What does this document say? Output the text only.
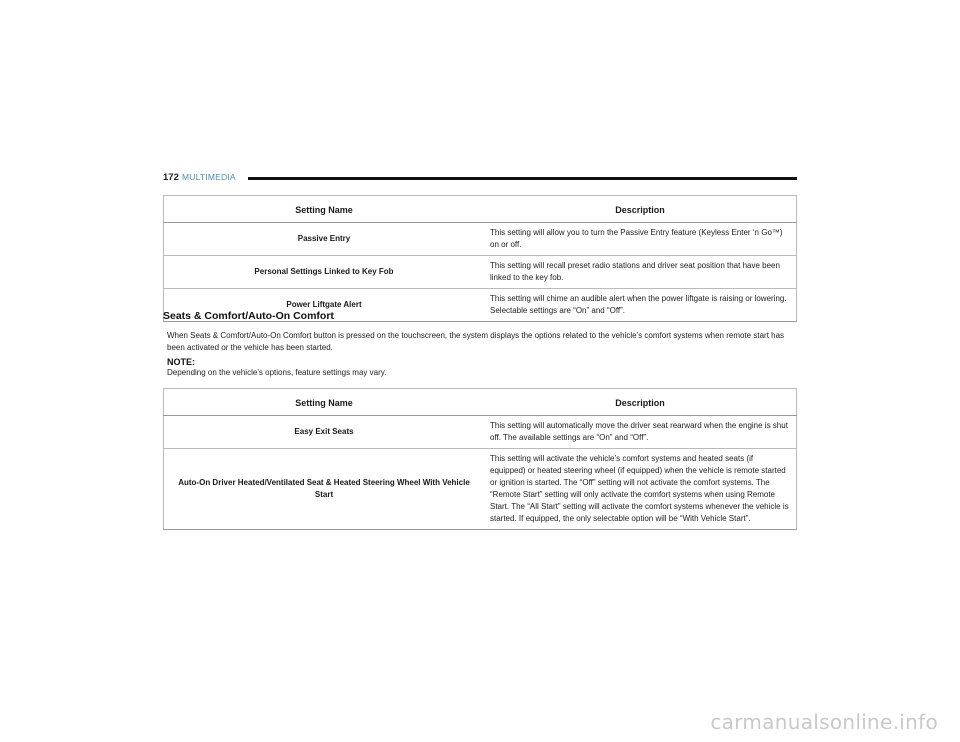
172 MULTIMEDIA
Setting Name	Description
Passive Entry	This setting will allow you to turn the Passive Entry feature (Keyless Enter ‘n Go™) on or off.
Personal Settings Linked to Key Fob	This setting will recall preset radio stations and driver seat position that have been linked to the key fob.
Power Liftgate Alert	This setting will chime an audible alert when the power liftgate is raising or lowering. Selectable settings are “On” and “Off”.
Seats & Comfort/Auto-On Comfort
When Seats & Comfort/Auto-On Comfort button is pressed on the touchscreen, the system displays the options related to the vehicle’s comfort systems when remote start has been activated or the vehicle has been started.
NOTE:
Depending on the vehicle’s options, feature settings may vary.
Setting Name	Description
Easy Exit Seats	This setting will automatically move the driver seat rearward when the engine is shut off. The available settings are “On” and “Off”.
Auto-On Driver Heated/Ventilated Seat & Heated Steering Wheel With Vehicle Start	This setting will activate the vehicle’s comfort systems and heated seats (if equipped) or heated steering wheel (if equipped) when the vehicle is remote started or ignition is started. The “Off” setting will not activate the comfort systems. The “Remote Start” setting will only activate the comfort systems when using Remote Start. The “All Start” setting will activate the comfort systems whenever the vehicle is started. If equipped, the only selectable option will be “With Vehicle Start”.
carmanualsonline.info
